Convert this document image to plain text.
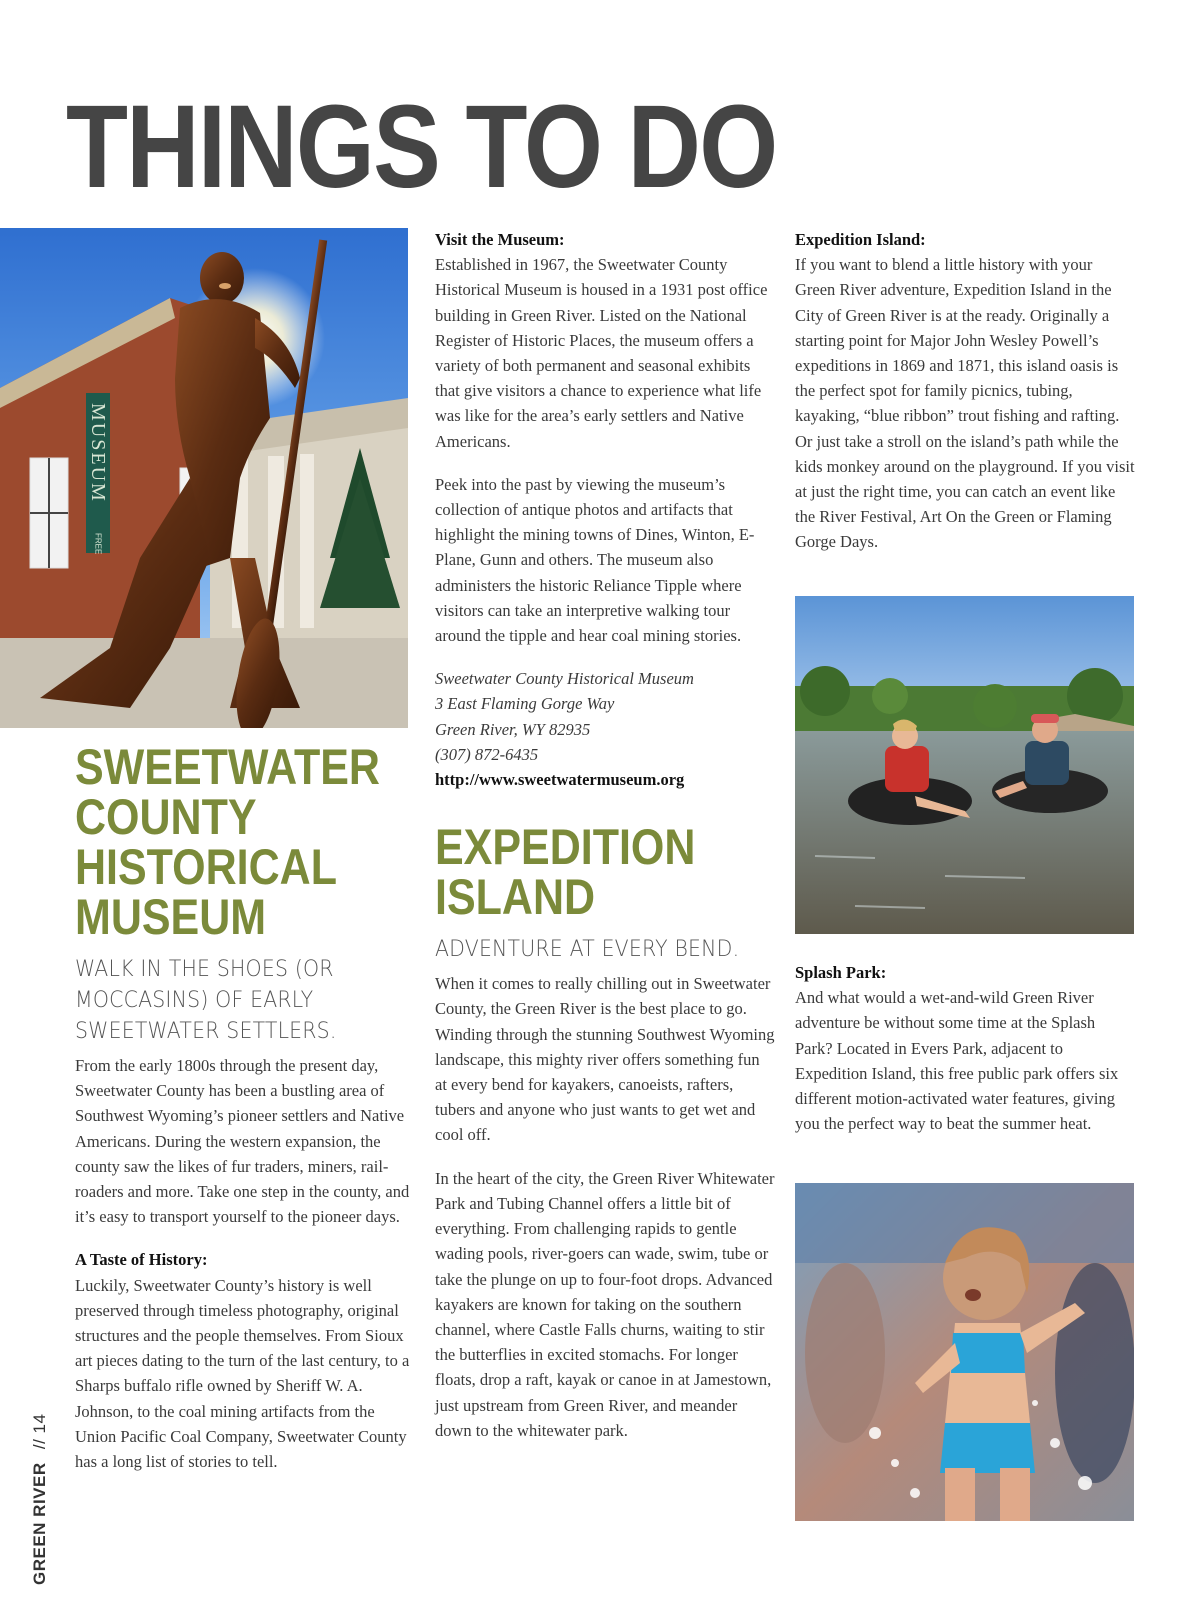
THINGS TO DO
MUSEUM
FREE
SWEETWATER
COUNTY
HISTORICAL
MUSEUM
WALK IN THE SHOES (OR
MOCCASINS) OF EARLY
SWEETWATER SETTLERS.

From the early 1800s through the present day, Sweetwater County has been a bustling area of Southwest Wyoming’s pioneer settlers and Native Americans. During the western expansion, the county saw the likes of fur traders, miners, rail-roaders and more. Take one step in the county, and it’s easy to transport yourself to the pioneer days.

A Taste of History:
Luckily, Sweetwater County’s history is well preserved through timeless photography, original structures and the people themselves. From Sioux art pieces dating to the turn of the last century, to a Sharps buffalo rifle owned by Sheriff W. A. Johnson, to the coal mining artifacts from the Union Pacific Coal Company, Sweetwater County has a long list of stories to tell.

Visit the Museum:
Established in 1967, the Sweetwater County Historical Museum is housed in a 1931 post office building in Green River. Listed on the National Register of Historic Places, the museum offers a variety of both permanent and seasonal exhibits that give visitors a chance to experience what life was like for the area’s early settlers and Native Americans.

Peek into the past by viewing the museum’s collection of antique photos and artifacts that highlight the mining towns of Dines, Winton, E-Plane, Gunn and others. The museum also administers the historic Reliance Tipple where visitors can take an interpretive walking tour around the tipple and hear coal mining stories.

Sweetwater County Historical Museum
3 East Flaming Gorge Way
Green River, WY 82935
(307) 872-6435
http://www.sweetwatermuseum.org
EXPEDITION
ISLAND
ADVENTURE AT EVERY BEND.

When it comes to really chilling out in Sweetwater County, the Green River is the best place to go. Winding through the stunning Southwest Wyoming landscape, this mighty river offers something fun at every bend for kayakers, canoeists, rafters, tubers and anyone who just wants to get wet and cool off.

In the heart of the city, the Green River Whitewater Park and Tubing Channel offers a little bit of everything. From challenging rapids to gentle wading pools, river-goers can wade, swim, tube or take the plunge on up to four-foot drops. Advanced kayakers are known for taking on the southern channel, where Castle Falls churns, waiting to stir the butterflies in excited stomachs. For longer floats, drop a raft, kayak or canoe in at Jamestown, just upstream from Green River, and meander down to the whitewater park.

Expedition Island:
If you want to blend a little history with your Green River adventure, Expedition Island in the City of Green River is at the ready. Originally a starting point for Major John Wesley Powell’s expeditions in 1869 and 1871, this island oasis is the perfect spot for family picnics, tubing, kayaking, “blue ribbon” trout fishing and rafting. Or just take a stroll on the island’s path while the kids monkey around on the playground. If you visit at just the right time, you can catch an event like the River Festival, Art On the Green or Flaming Gorge Days.

Splash Park:
And what would a wet-and-wild Green River adventure be without some time at the Splash Park? Located in Evers Park, adjacent to Expedition Island, this free public park offers six different motion-activated water features, giving you the perfect way to beat the summer heat.

GREEN RIVER // 14
